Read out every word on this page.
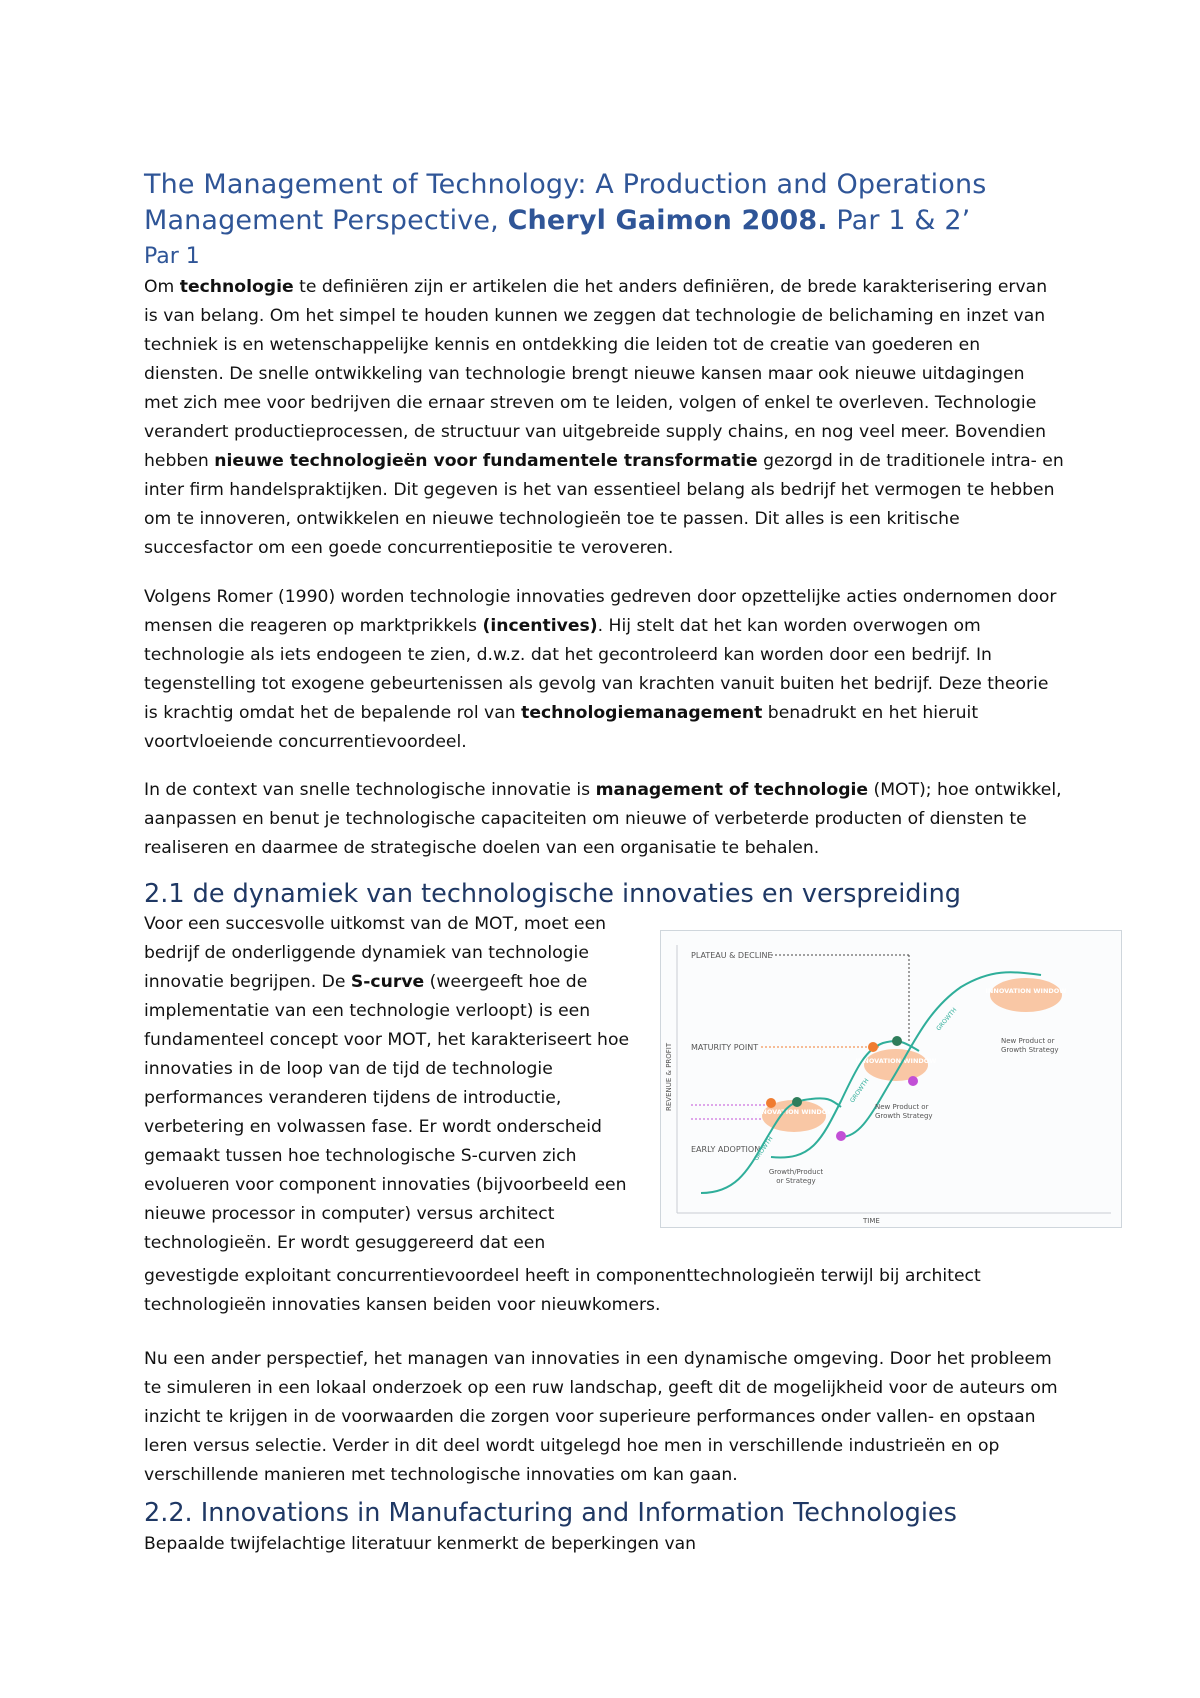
The Management of Technology: A Production and Operations Management Perspective, Cheryl Gaimon 2008. Par 1 & 2’
Par 1

Om technologie te definiëren zijn er artikelen die het anders definiëren, de brede karakterisering ervan is van belang. Om het simpel te houden kunnen we zeggen dat technologie de belichaming en inzet van techniek is en wetenschappelijke kennis en ontdekking die leiden tot de creatie van goederen en diensten. De snelle ontwikkeling van technologie brengt nieuwe kansen maar ook nieuwe uitdagingen met zich mee voor bedrijven die ernaar streven om te leiden, volgen of enkel te overleven. Technologie verandert productieprocessen, de structuur van uitgebreide supply chains, en nog veel meer. Bovendien hebben nieuwe technologieën voor fundamentele transformatie gezorgd in de traditionele intra- en inter firm handelspraktijken. Dit gegeven is het van essentieel belang als bedrijf het vermogen te hebben om te innoveren, ontwikkelen en nieuwe technologieën toe te passen. Dit alles is een kritische succesfactor om een goede concurrentiepositie te veroveren.

Volgens Romer (1990) worden technologie innovaties gedreven door opzettelijke acties ondernomen door mensen die reageren op marktprikkels (incentives). Hij stelt dat het kan worden overwogen om technologie als iets endogeen te zien, d.w.z. dat het gecontroleerd kan worden door een bedrijf. In tegenstelling tot exogene gebeurtenissen als gevolg van krachten vanuit buiten het bedrijf. Deze theorie is krachtig omdat het de bepalende rol van technologiemanagement benadrukt en het hieruit voortvloeiende concurrentievoordeel.

In de context van snelle technologische innovatie is management of technologie (MOT); hoe ontwikkel, aanpassen en benut je technologische capaciteiten om nieuwe of verbeterde producten of diensten te realiseren en daarmee de strategische doelen van een organisatie te behalen.

2.1 de dynamiek van technologische innovaties en verspreiding

Voor een succesvolle uitkomst van de MOT, moet een bedrijf de onderliggende dynamiek van technologie innovatie begrijpen. De S-curve (weergeeft hoe de implementatie van een technologie verloopt) is een fundamenteel concept voor MOT, het karakteriseert hoe innovaties in de loop van de tijd de technologie performances veranderen tijdens de introductie, verbetering en volwassen fase. Er wordt onderscheid gemaakt tussen hoe technologische S-curven zich evolueren voor component innovaties (bijvoorbeeld een nieuwe processor in computer) versus architect technologieën. Er wordt gesuggereerd dat een

PLATEAU & DECLINE
MATURITY POINT
EARLY ADOPTION
REVENUE & PROFIT
TIME
INNOVATION WINDOW
INNOVATION WINDOW
INNOVATION WINDOW
GROWTH
GROWTH
GROWTH
Growth/Product
or Strategy
New Product or
Growth Strategy
New Product or
Growth Strategy

gevestigde exploitant concurrentievoordeel heeft in componenttechnologieën terwijl bij architect technologieën innovaties kansen beiden voor nieuwkomers.

Nu een ander perspectief, het managen van innovaties in een dynamische omgeving. Door het probleem te simuleren in een lokaal onderzoek op een ruw landschap, geeft dit de mogelijkheid voor de auteurs om inzicht te krijgen in de voorwaarden die zorgen voor superieure performances onder vallen- en opstaan leren versus selectie. Verder in dit deel wordt uitgelegd hoe men in verschillende industrieën en op verschillende manieren met technologische innovaties om kan gaan.

2.2. Innovations in Manufacturing and Information Technologies

Bepaalde twijfelachtige literatuur kenmerkt de beperkingen van
